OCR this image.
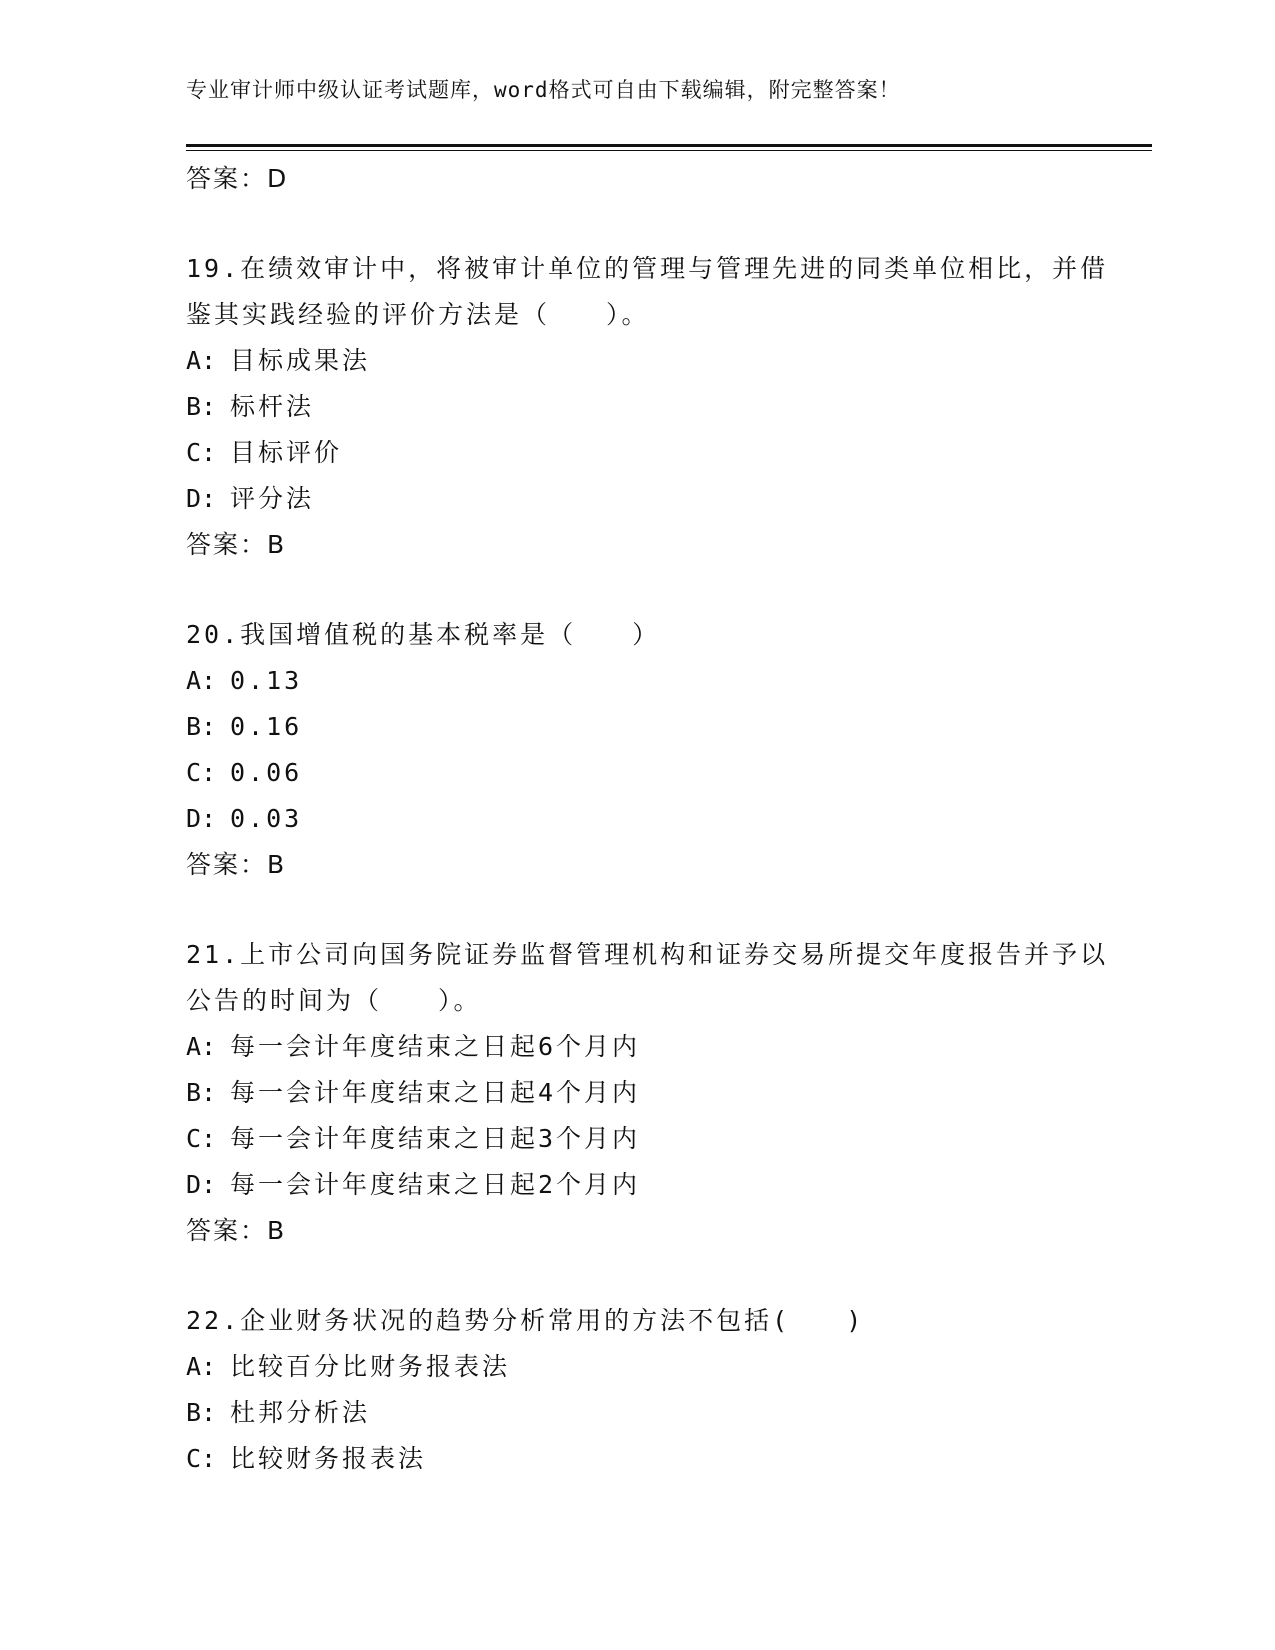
专业审计师中级认证考试题库，word格式可自由下载编辑，附完整答案！
答案：D
19.在绩效审计中，将被审计单位的管理与管理先进的同类单位相比，并借鉴其实践经验的评价方法是（　　）。
A: 目标成果法
B: 标杆法
C: 目标评价
D: 评分法
答案：B
20.我国增值税的基本税率是（　　）
A: 0.13
B: 0.16
C: 0.06
D: 0.03
答案：B
21.上市公司向国务院证券监督管理机构和证券交易所提交年度报告并予以公告的时间为（　　）。
A: 每一会计年度结束之日起6个月内
B: 每一会计年度结束之日起4个月内
C: 每一会计年度结束之日起3个月内
D: 每一会计年度结束之日起2个月内
答案：B
22.企业财务状况的趋势分析常用的方法不包括(　　)
A: 比较百分比财务报表法
B: 杜邦分析法
C: 比较财务报表法
